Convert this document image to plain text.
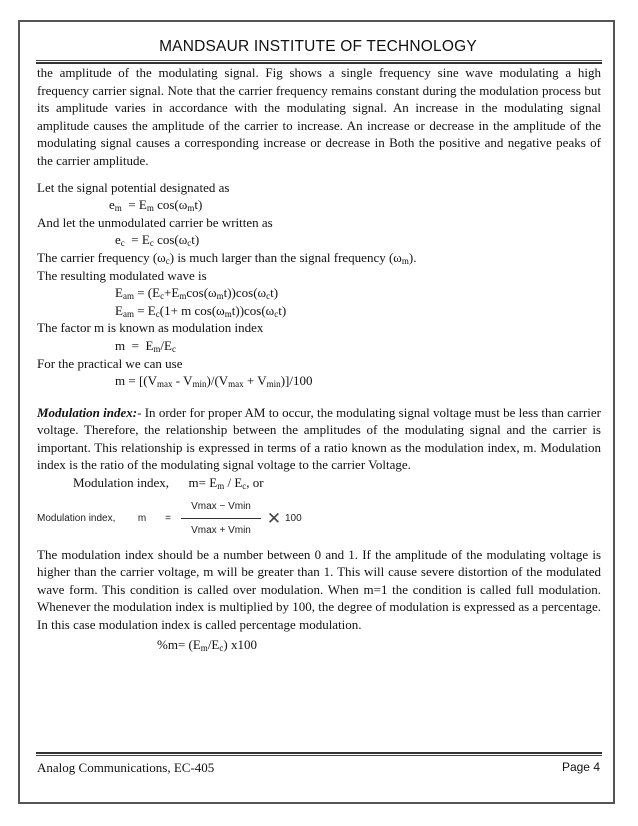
MANDSAUR INSTITUTE OF TECHNOLOGY

the amplitude of the modulating signal. Fig shows a single frequency sine wave modulating a high frequency carrier signal. Note that the carrier frequency remains constant during the modulation process but its amplitude varies in accordance with the modulating signal. An increase in the modulating signal amplitude causes the amplitude of the carrier to increase. An increase or decrease in the amplitude of the modulating signal causes a corresponding increase or decrease in Both the positive and negative peaks of the carrier amplitude.

Let the signal potential designated as

$e_m = E_m$ $\cos(\omega_mt)$

And let the unmodulated carrier be written as

$e_c = E_c$ $\cos(\omega_ct)$

The carrier frequency $(\omega_c)$ is much larger than the signal frequency $(\omega_m)$.

The resulting modulated wave is

$E_{am} = (E_c+E_m\cos(\omega_mt))\cos(\omega_ct)$

$E_{am} = E_c(1+ m$ $\cos(\omega_mt))\cos(\omega_ct)$

The factor m is known as modulation index

$m = E_m/E_c$

For the practical we can use

$m = [(V_{max} - V_{min})/(V_{max} + V_{min})]/100$

Modulation index:- In order for proper AM to occur, the modulating signal voltage must be less than carrier voltage. Therefore, the relationship between the amplitudes of the modulating signal and the carrier is important. This relationship is expressed in terms of a ratio known as the modulation index, m. Modulation index is the ratio of the modulating signal voltage to the carrier Voltage.

Modulation index,      $m= E_m / E_c$, or

Modulation index,	m	= $\frac{Vmax - Vmin}{Vmax + Vmin}$ ✕ 100

The modulation index should be a number between 0 and 1. If the amplitude of the modulating voltage is higher than the carrier voltage, m will be greater than 1. This will cause severe distortion of the modulated wave form. This condition is called over modulation. When m=1 the condition is called full modulation. Whenever the modulation index is multiplied by 100, the degree of modulation is expressed as a percentage. In this case modulation index is called percentage modulation.

$\%m= (E_m/E_c)$ x100

Analog Communications, EC-405	Page 4
